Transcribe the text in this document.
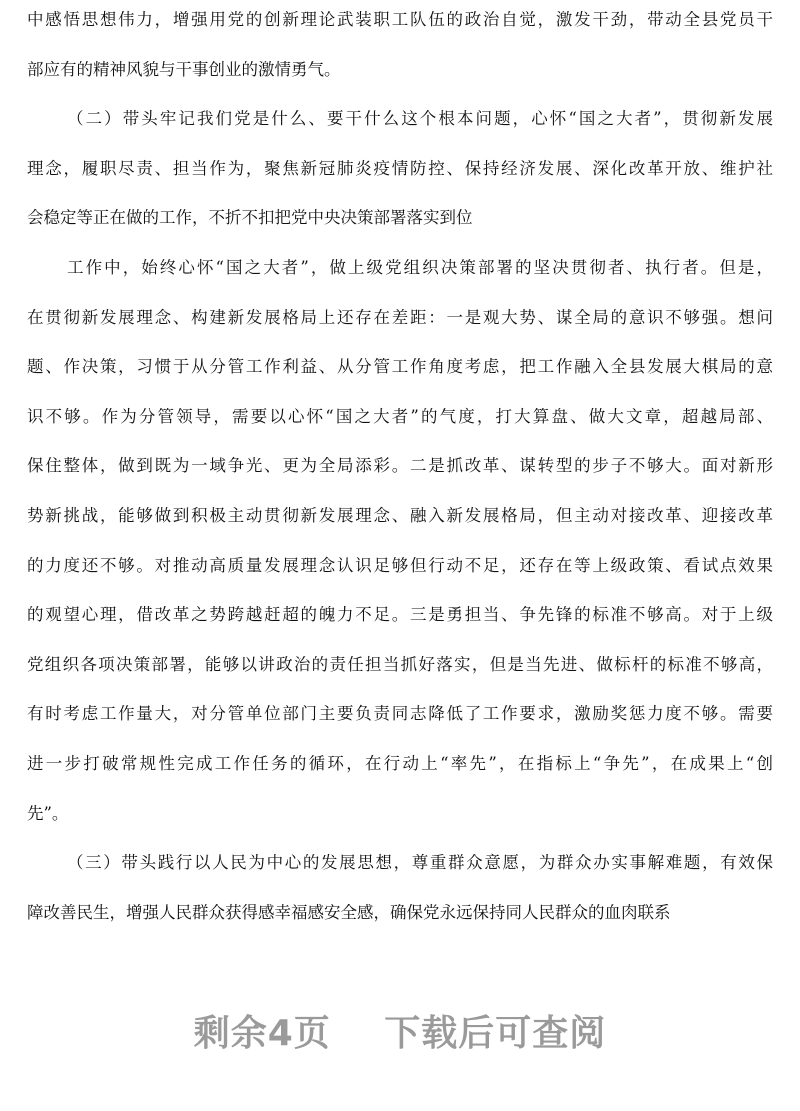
中感悟思想伟力，增强用党的创新理论武装职工队伍的政治自觉，激发干劲，带动全县党员干
部应有的精神风貌与干事创业的激情勇气。
（二）带头牢记我们党是什么、要干什么这个根本问题，心怀“国之大者”，贯彻新发展
理念，履职尽责、担当作为，聚焦新冠肺炎疫情防控、保持经济发展、深化改革开放、维护社
会稳定等正在做的工作，不折不扣把党中央决策部署落实到位
工作中，始终心怀“国之大者”，做上级党组织决策部署的坚决贯彻者、执行者。但是，
在贯彻新发展理念、构建新发展格局上还存在差距：一是观大势、谋全局的意识不够强。想问
题、作决策，习惯于从分管工作利益、从分管工作角度考虑，把工作融入全县发展大棋局的意
识不够。作为分管领导，需要以心怀“国之大者”的气度，打大算盘、做大文章，超越局部、
保住整体，做到既为一域争光、更为全局添彩。二是抓改革、谋转型的步子不够大。面对新形
势新挑战，能够做到积极主动贯彻新发展理念、融入新发展格局，但主动对接改革、迎接改革
的力度还不够。对推动高质量发展理念认识足够但行动不足，还存在等上级政策、看试点效果
的观望心理，借改革之势跨越赶超的魄力不足。三是勇担当、争先锋的标准不够高。对于上级
党组织各项决策部署，能够以讲政治的责任担当抓好落实，但是当先进、做标杆的标准不够高，
有时考虑工作量大，对分管单位部门主要负责同志降低了工作要求，激励奖惩力度不够。需要
进一步打破常规性完成工作任务的循环，在行动上“率先”，在指标上“争先”，在成果上“创
先”。
（三）带头践行以人民为中心的发展思想，尊重群众意愿，为群众办实事解难题，有效保
障改善民生，增强人民群众获得感幸福感安全感，确保党永远保持同人民群众的血肉联系
剩余4页 下载后可查阅
